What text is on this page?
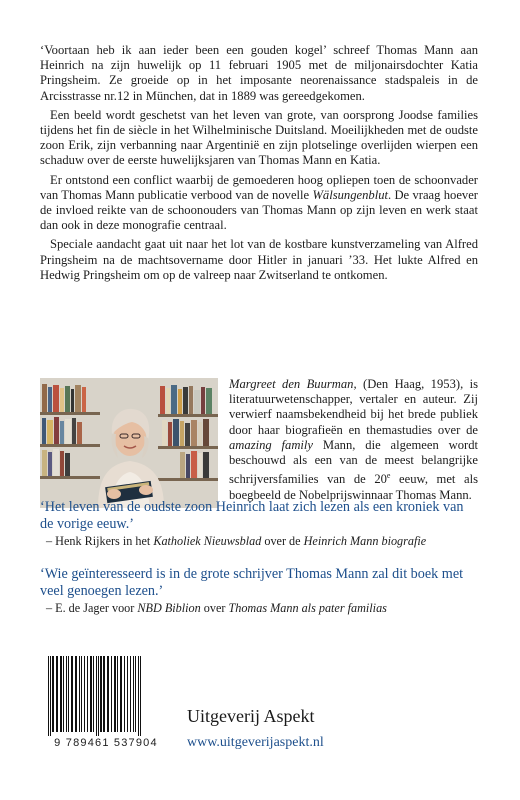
‘Voortaan heb ik aan ieder been een gouden kogel’ schreef Thomas Mann aan Heinrich na zijn huwelijk op 11 februari 1905 met de miljonairsdochter Katia Pringsheim. Ze groeide op in het imposante neorenaissance stadspaleis in de Arcisstrasse nr.12 in München, dat in 1889 was gereedgekomen.

Een beeld wordt geschetst van het leven van grote, van oorsprong Joodse families tijdens het fin de siècle in het Wilhelminische Duitsland. Moeilijkheden met de oudste zoon Erik, zijn verbanning naar Argentinië en zijn plotselinge overlijden wierpen een schaduw over de eerste huwelijksjaren van Thomas Mann en Katia.

Er ontstond een conflict waarbij de gemoederen hoog opliepen toen de schoonvader van Thomas Mann publicatie verbood van de novelle Wälsungenblut. De vraag hoever de invloed reikte van de schoonouders van Thomas Mann op zijn leven en werk staat dan ook in deze monografie centraal.

Speciale aandacht gaat uit naar het lot van de kostbare kunstverzameling van Alfred Pringsheim na de machtsovername door Hitler in januari ’33. Het lukte Alfred en Hedwig Pringsheim om op de valreep naar Zwitserland te ontkomen.

Margreet den Buurman, (Den Haag, 1953), is literatuurwetenschapper, vertaler en auteur. Zij verwierf naamsbekendheid bij het brede publiek door haar biografieën en themastudies over de amazing family Mann, die algemeen wordt beschouwd als een van de meest belangrijke schrijversfamilies van de 20e eeuw, met als boegbeeld de Nobelprijswinnaar Thomas Mann.

‘Het leven van de oudste zoon Heinrich laat zich lezen als een kroniek van de vorige eeuw.’

– Henk Rijkers in het Katholiek Nieuwsblad over de Heinrich Mann biografie

‘Wie geïnteresseerd is in de grote schrijver Thomas Mann zal dit boek met veel genoegen lezen.’

– E. de Jager voor NBD Biblion over Thomas Mann als pater familias

9 789461 537904
Uitgeverij Aspekt
www.uitgeverijaspekt.nl
